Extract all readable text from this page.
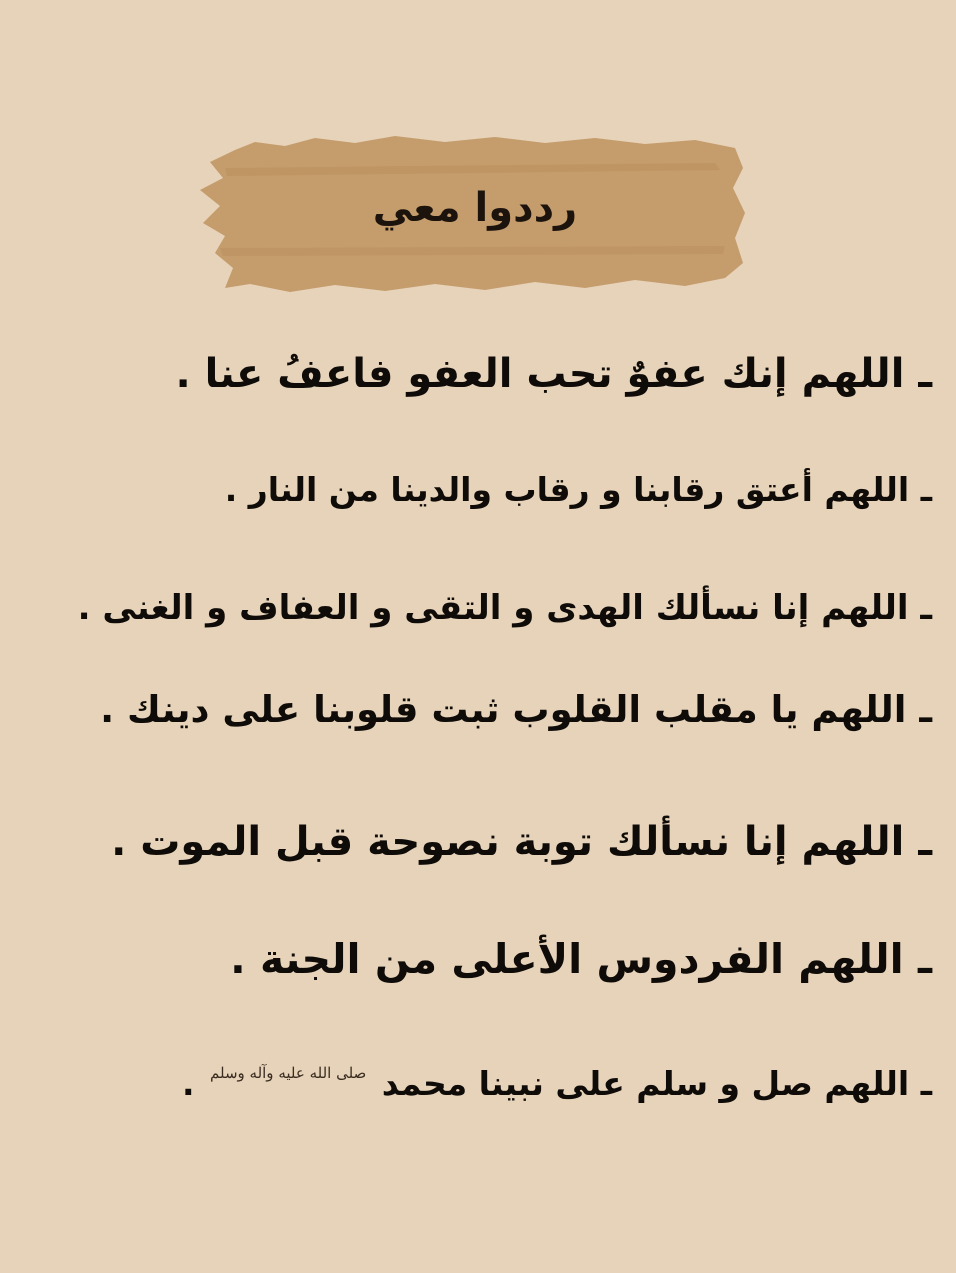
رددوا معي
ـ اللهم إنك عفوٌ تحب العفو فاعفُ عنا .
ـ اللهم أعتق رقابنا و رقاب والدينا من النار .
ـ اللهم إنا نسألك الهدى و التقى و العفاف و الغنى .
ـ اللهم يا مقلب القلوب ثبت قلوبنا على دينك .
ـ اللهم إنا نسألك توبة نصوحة قبل الموت .
ـ اللهم الفردوس الأعلى من الجنة .
ـ اللهم صل و سلم على نبينا محمد صلى الله عليه وآله وسلم .
